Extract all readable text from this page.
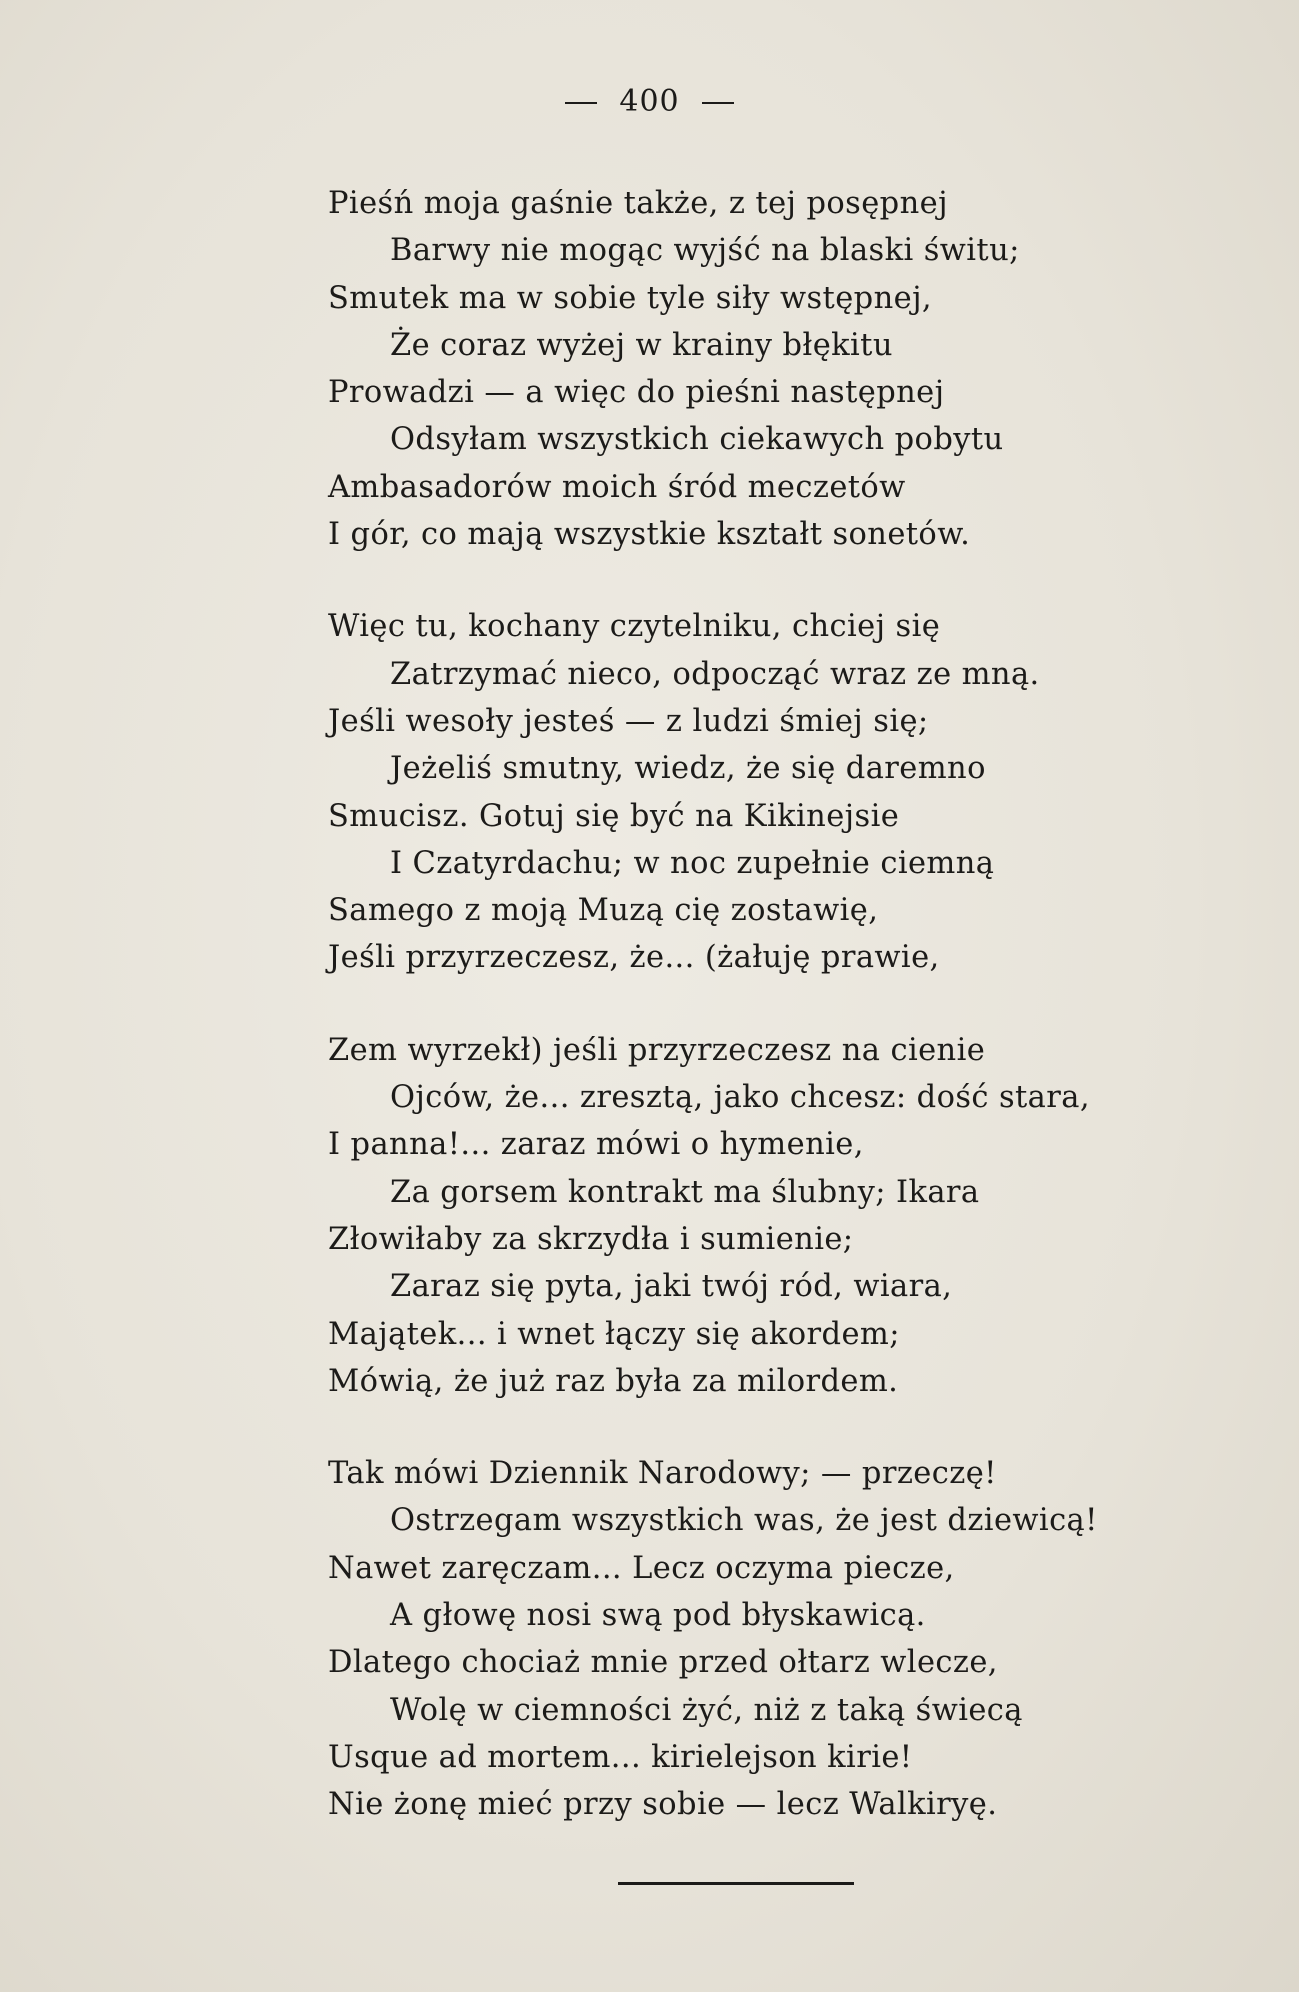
400
Pieśń moja gaśnie także, z tej posępnej
Barwy nie mogąc wyjść na blaski świtu;
Smutek ma w sobie tyle siły wstępnej,
Że coraz wyżej w krainy błękitu
Prowadzi — a więc do pieśni następnej
Odsyłam wszystkich ciekawych pobytu
Ambasadorów moich śród meczetów
I gór, co mają wszystkie kształt sonetów.
Więc tu, kochany czytelniku, chciej się
Zatrzymać nieco, odpocząć wraz ze mną.
Jeśli wesoły jesteś — z ludzi śmiej się;
Jeżeliś smutny, wiedz, że się daremno
Smucisz. Gotuj się być na Kikinejsie
I Czatyrdachu; w noc zupełnie ciemną
Samego z moją Muzą cię zostawię,
Jeśli przyrzeczesz, że... (żałuję prawie,
Zem wyrzekł) jeśli przyrzeczesz na cienie
Ojców, że... zresztą, jako chcesz: dość stara,
I panna!... zaraz mówi o hymenie,
Za gorsem kontrakt ma ślubny; Ikara
Złowiłaby za skrzydła i sumienie;
Zaraz się pyta, jaki twój ród, wiara,
Majątek... i wnet łączy się akordem;
Mówią, że już raz była za milordem.
Tak mówi Dziennik Narodowy; — przeczę!
Ostrzegam wszystkich was, że jest dziewicą!
Nawet zaręczam... Lecz oczyma piecze,
A głowę nosi swą pod błyskawicą.
Dlatego chociaż mnie przed ołtarz wlecze,
Wolę w ciemności żyć, niż z taką świecą
Usque ad mortem... kirielejson kirie!
Nie żonę mieć przy sobie — lecz Walkiryę.
